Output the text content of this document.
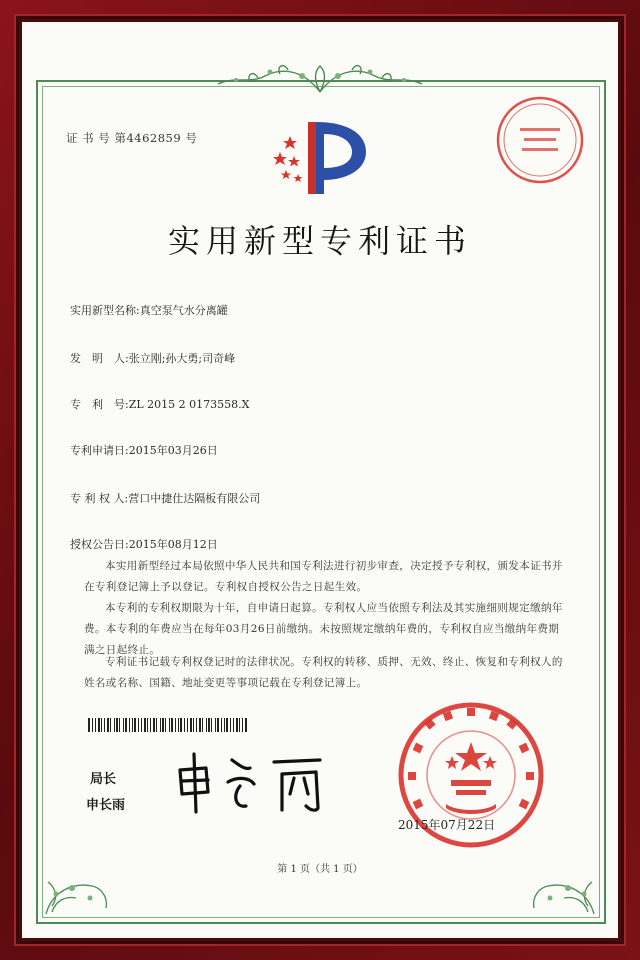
证 书 号 第4462859 号
实用新型专利证书
实用新型名称:真空泵气水分离罐
发　明　人:张立刚;孙大勇;司奇峰
专　利　号:ZL 2015 2 0173558.X
专利申请日:2015年03月26日
专 利 权 人:营口中捷仕达隔板有限公司
授权公告日:2015年08月12日
本实用新型经过本局依照中华人民共和国专利法进行初步审查，决定授予专利权，颁发本证书并在专利登记簿上予以登记。专利权自授权公告之日起生效。
本专利的专利权期限为十年，自申请日起算。专利权人应当依照专利法及其实施细则规定缴纳年费。本专利的年费应当在每年03月26日前缴纳。未按照规定缴纳年费的，专利权自应当缴纳年费期满之日起终止。
专利证书记载专利权登记时的法律状况。专利权的转移、质押、无效、终止、恢复和专利权人的姓名或名称、国籍、地址变更等事项记载在专利登记簿上。
局长
申长雨
2015年07月22日
第 1 页（共 1 页）
